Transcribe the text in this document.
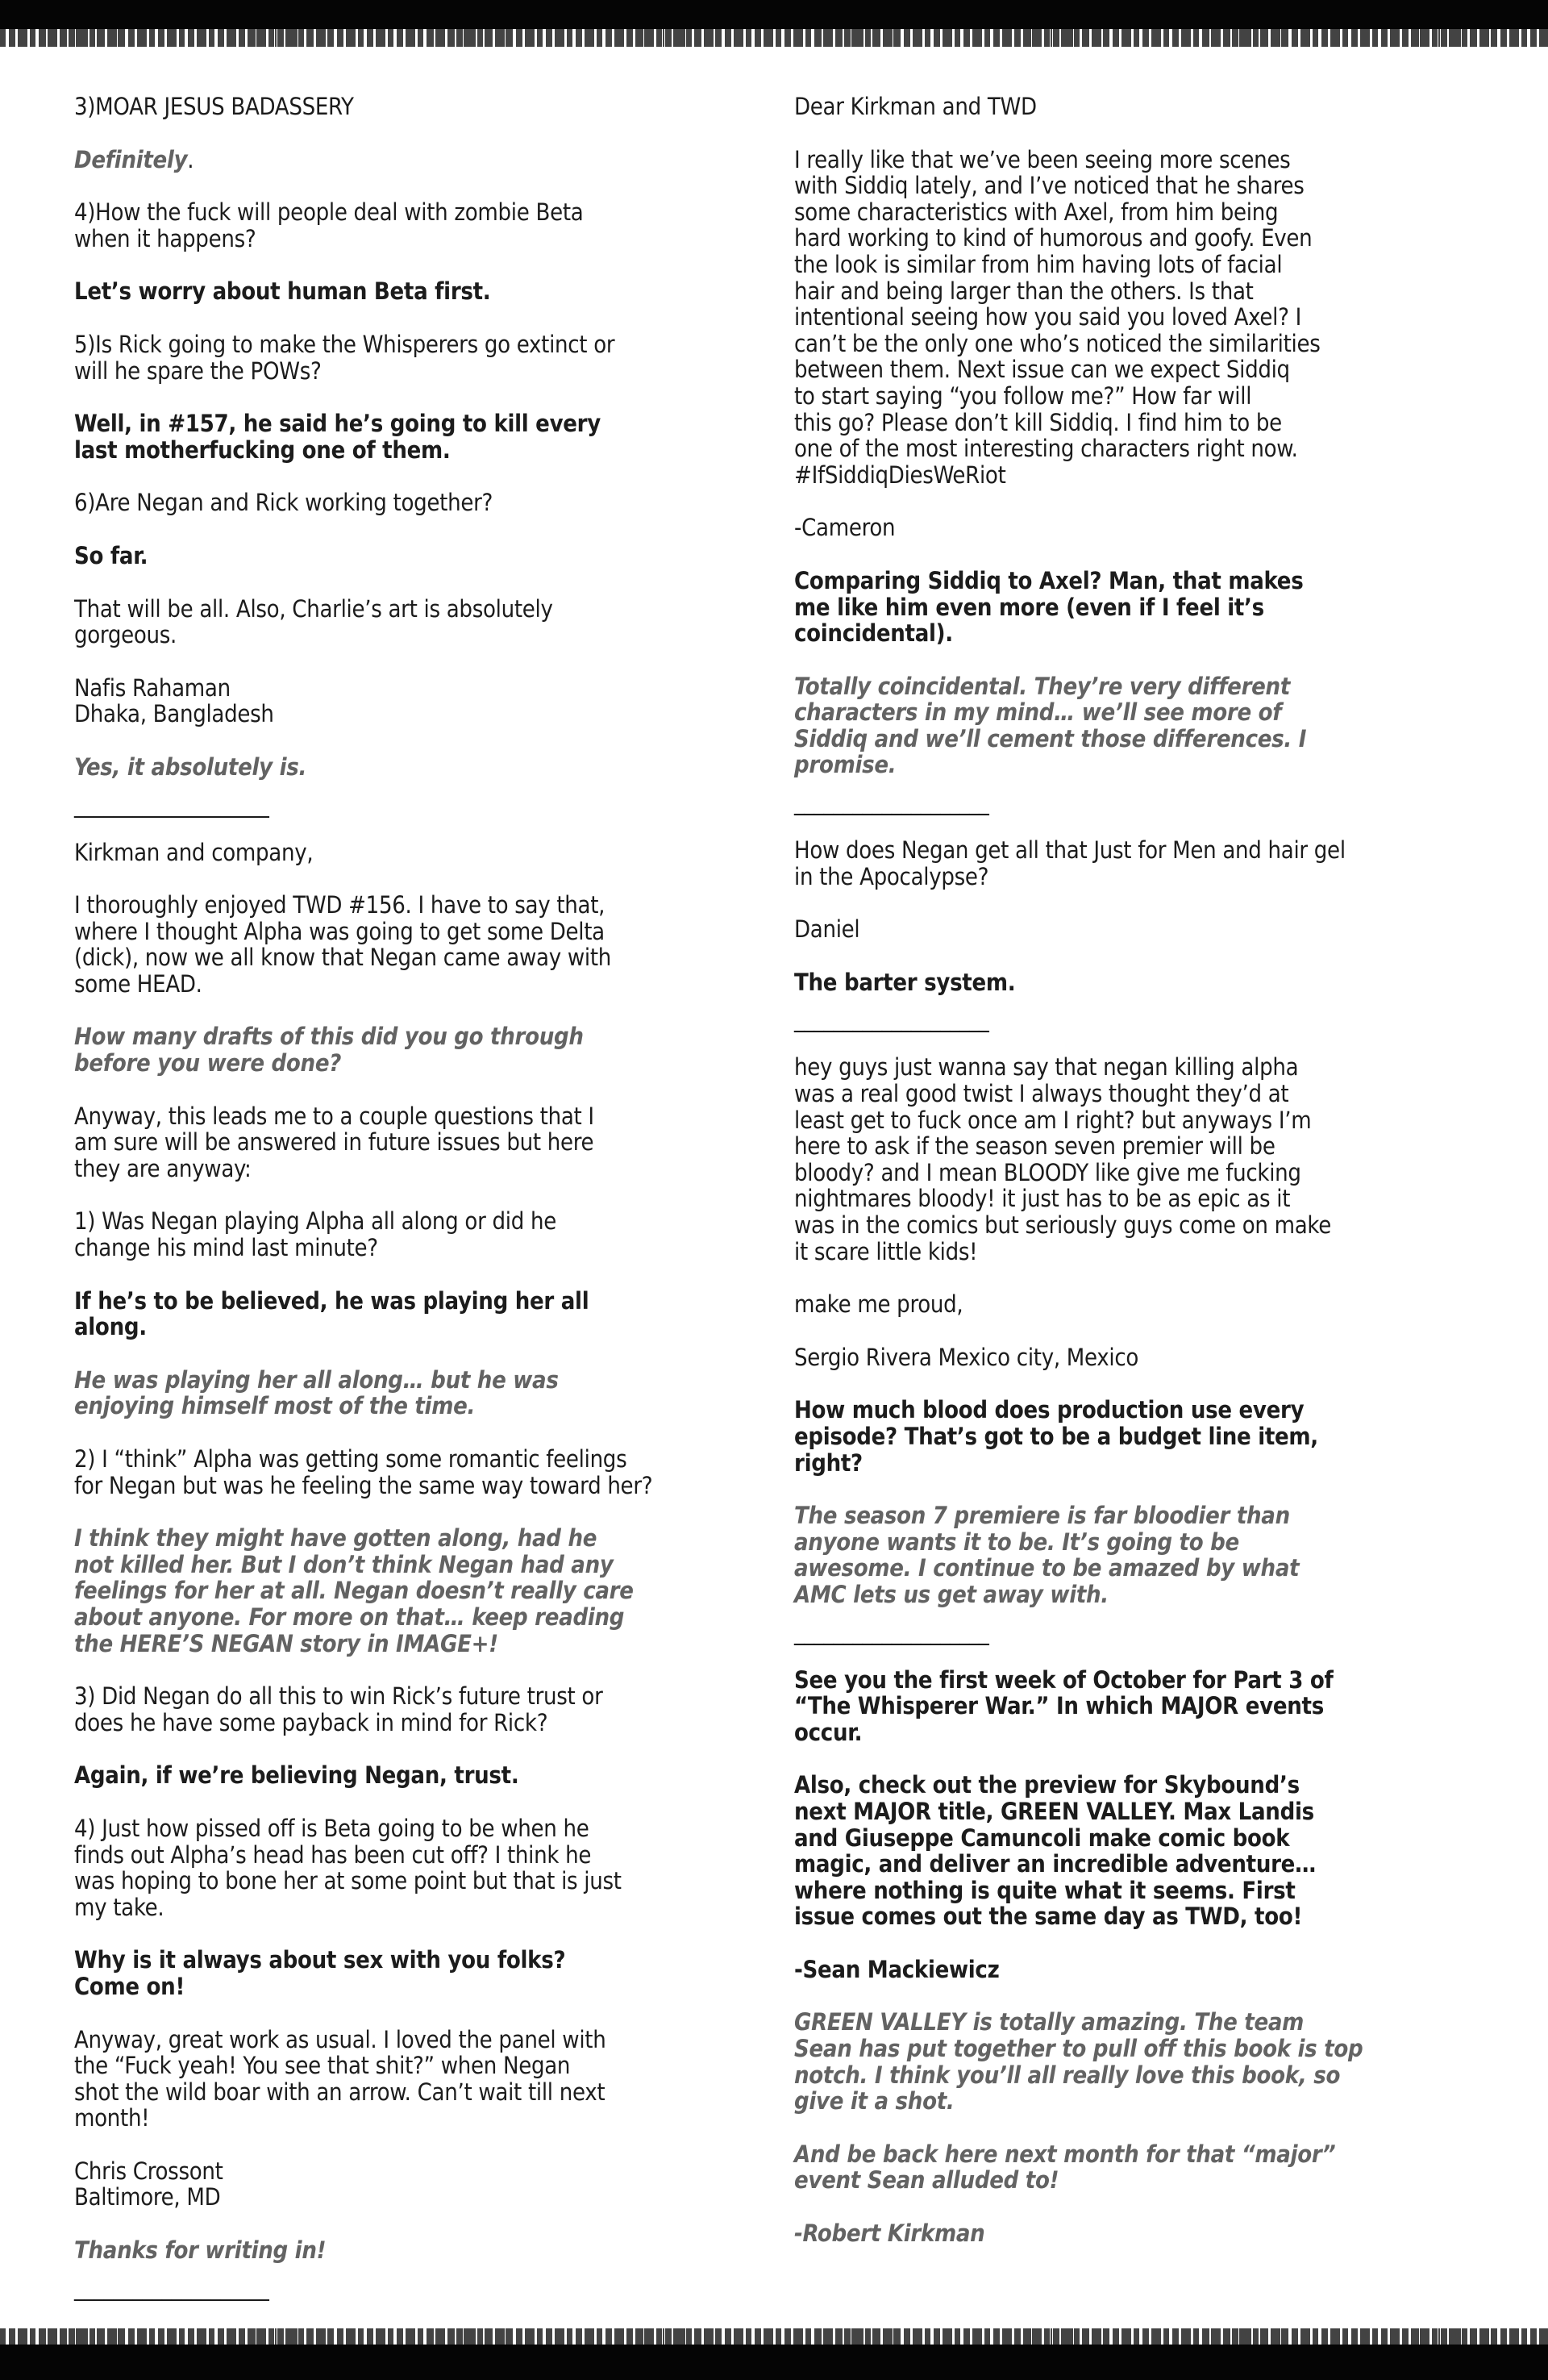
3)MOAR JESUS BADASSERY
Definitely.
4)How the fuck will people deal with zombie Beta
when it happens?
Let’s worry about human Beta first.
5)Is Rick going to make the Whisperers go extinct or
will he spare the POWs?
Well, in #157, he said he’s going to kill every
last motherfucking one of them.
6)Are Negan and Rick working together?
So far.
That will be all. Also, Charlie’s art is absolutely
gorgeous.
Nafis Rahaman
Dhaka, Bangladesh
Yes, it absolutely is.
____________________
Kirkman and company,
I thoroughly enjoyed TWD #156. I have to say that,
where I thought Alpha was going to get some Delta
(dick), now we all know that Negan came away with
some HEAD.
How many drafts of this did you go through
before you were done?
Anyway, this leads me to a couple questions that I
am sure will be answered in future issues but here
they are anyway:
1) Was Negan playing Alpha all along or did he
change his mind last minute?
If he’s to be believed, he was playing her all
along.
He was playing her all along… but he was
enjoying himself most of the time.
2) I “think” Alpha was getting some romantic feelings
for Negan but was he feeling the same way toward her?
I think they might have gotten along, had he
not killed her. But I don’t think Negan had any
feelings for her at all. Negan doesn’t really care
about anyone. For more on that… keep reading
the HERE’S NEGAN story in IMAGE+!
3) Did Negan do all this to win Rick’s future trust or
does he have some payback in mind for Rick?
Again, if we’re believing Negan, trust.
4) Just how pissed off is Beta going to be when he
finds out Alpha’s head has been cut off? I think he
was hoping to bone her at some point but that is just
my take.
Why is it always about sex with you folks?
Come on!
Anyway, great work as usual. I loved the panel with
the “Fuck yeah! You see that shit?” when Negan
shot the wild boar with an arrow. Can’t wait till next
month!
Chris Crossont
Baltimore, MD
Thanks for writing in!
____________________
Dear Kirkman and TWD
I really like that we’ve been seeing more scenes
with Siddiq lately, and I’ve noticed that he shares
some characteristics with Axel, from him being
hard working to kind of humorous and goofy. Even
the look is similar from him having lots of facial
hair and being larger than the others. Is that
intentional seeing how you said you loved Axel? I
can’t be the only one who’s noticed the similarities
between them. Next issue can we expect Siddiq
to start saying “you follow me?” How far will
this go? Please don’t kill Siddiq. I find him to be
one of the most interesting characters right now.
#IfSiddiqDiesWeRiot
-Cameron
Comparing Siddiq to Axel? Man, that makes
me like him even more (even if I feel it’s
coincidental).
Totally coincidental. They’re very different
characters in my mind… we’ll see more of
Siddiq and we’ll cement those differences. I
promise.
____________________
How does Negan get all that Just for Men and hair gel
in the Apocalypse?
Daniel
The barter system.
____________________
hey guys just wanna say that negan killing alpha
was a real good twist I always thought they’d at
least get to fuck once am I right? but anyways I’m
here to ask if the season seven premier will be
bloody? and I mean BLOODY like give me fucking
nightmares bloody! it just has to be as epic as it
was in the comics but seriously guys come on make
it scare little kids!
make me proud,
Sergio Rivera Mexico city, Mexico
How much blood does production use every
episode? That’s got to be a budget line item,
right?
The season 7 premiere is far bloodier than
anyone wants it to be. It’s going to be
awesome. I continue to be amazed by what
AMC lets us get away with.
____________________
See you the first week of October for Part 3 of
“The Whisperer War.” In which MAJOR events
occur.
Also, check out the preview for Skybound’s
next MAJOR title, GREEN VALLEY. Max Landis
and Giuseppe Camuncoli make comic book
magic, and deliver an incredible adventure…
where nothing is quite what it seems. First
issue comes out the same day as TWD, too!
-Sean Mackiewicz
GREEN VALLEY is totally amazing. The team
Sean has put together to pull off this book is top
notch. I think you’ll all really love this book, so
give it a shot.
And be back here next month for that “major”
event Sean alluded to!
-Robert Kirkman
